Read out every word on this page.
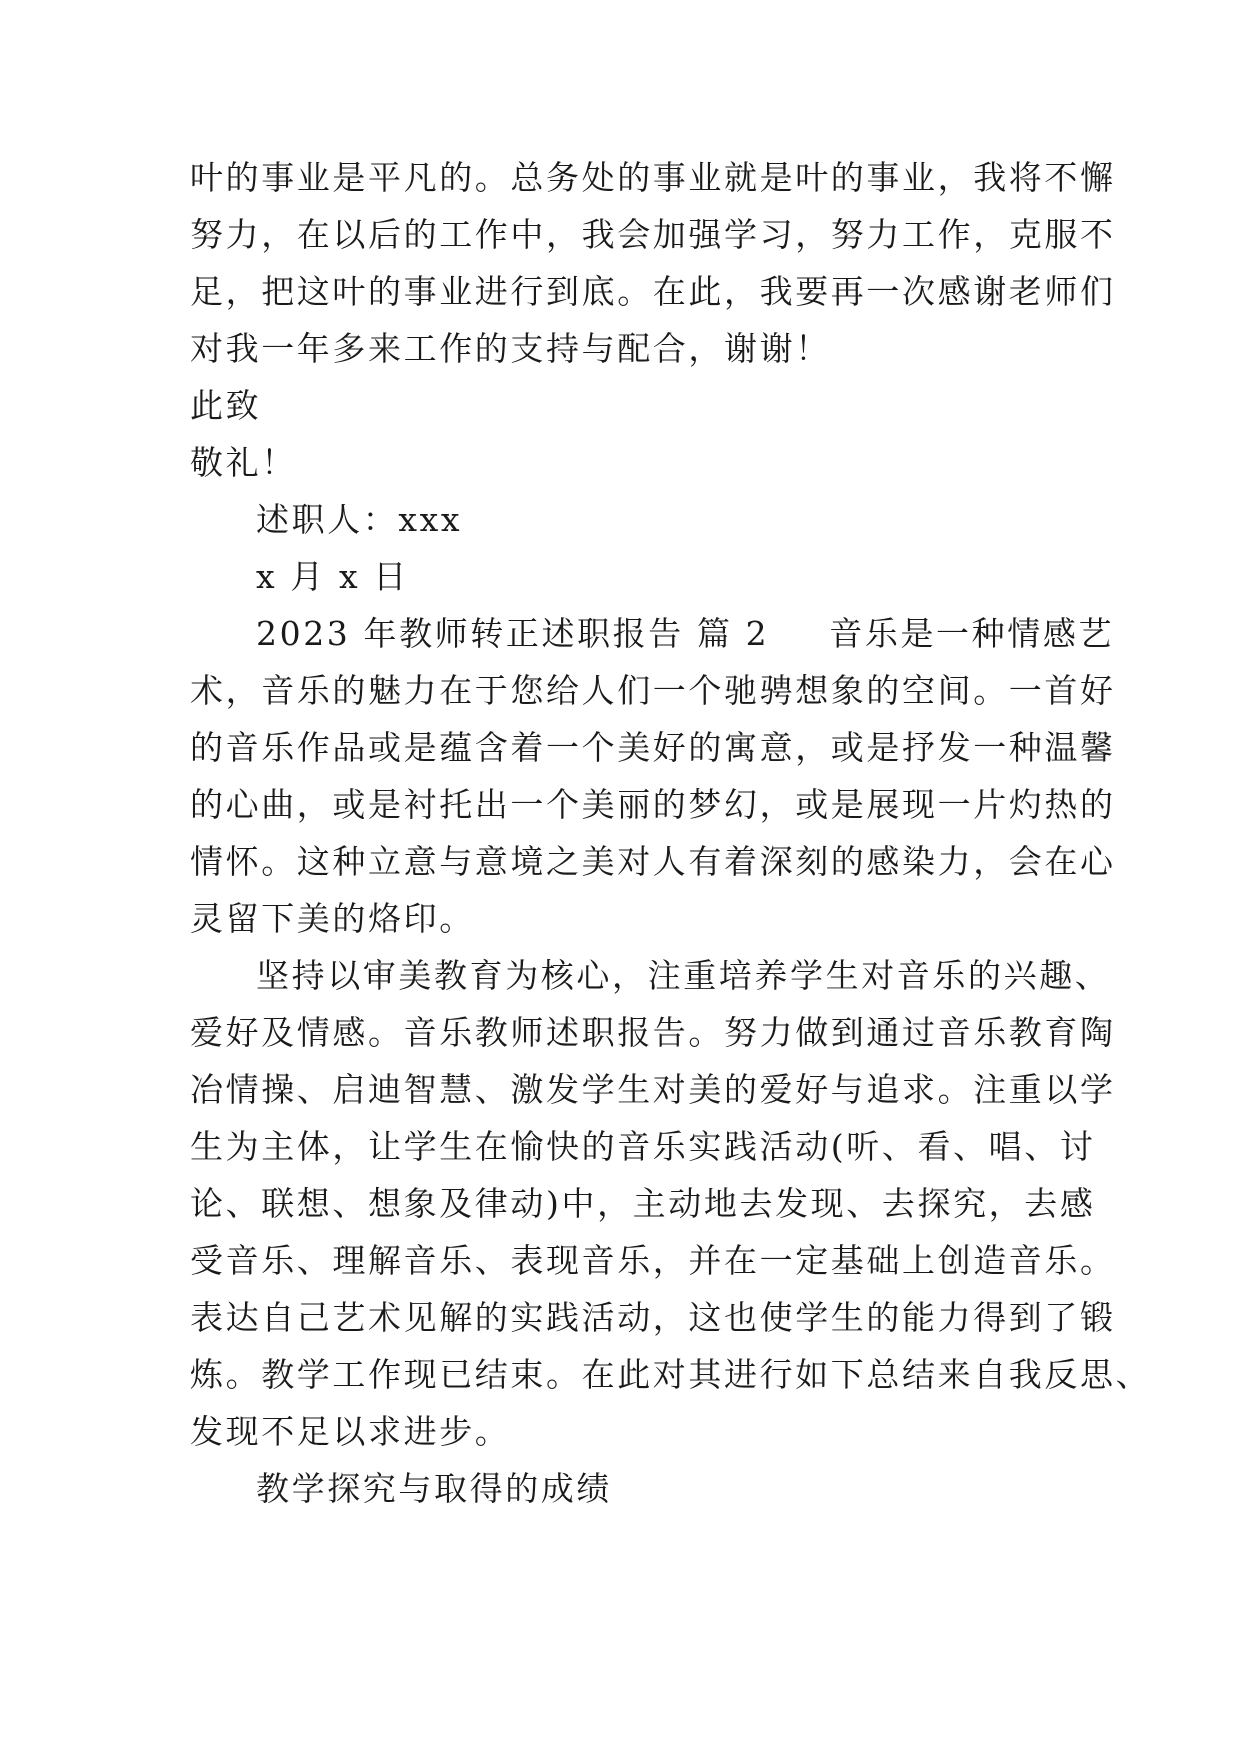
叶的事业是平凡的。总务处的事业就是叶的事业，我将不懈
努力，在以后的工作中，我会加强学习，努力工作，克服不
足，把这叶的事业进行到底。在此，我要再一次感谢老师们
对我一年多来工作的支持与配合，谢谢！
此致
敬礼！
述职人：xxx
x 月 x 日
2023 年教师转正述职报告 篇 2 音乐是一种情感艺
术，音乐的魅力在于您给人们一个驰骋想象的空间。一首好
的音乐作品或是蕴含着一个美好的寓意，或是抒发一种温馨
的心曲，或是衬托出一个美丽的梦幻，或是展现一片灼热的
情怀。这种立意与意境之美对人有着深刻的感染力，会在心
灵留下美的烙印。
坚持以审美教育为核心，注重培养学生对音乐的兴趣、
爱好及情感。音乐教师述职报告。努力做到通过音乐教育陶
冶情操、启迪智慧、激发学生对美的爱好与追求。注重以学
生为主体，让学生在愉快的音乐实践活动(听、看、唱、讨
论、联想、想象及律动)中，主动地去发现、去探究，去感
受音乐、理解音乐、表现音乐，并在一定基础上创造音乐。
表达自己艺术见解的实践活动，这也使学生的能力得到了锻
炼。教学工作现已结束。在此对其进行如下总结来自我反思、
发现不足以求进步。
教学探究与取得的成绩
